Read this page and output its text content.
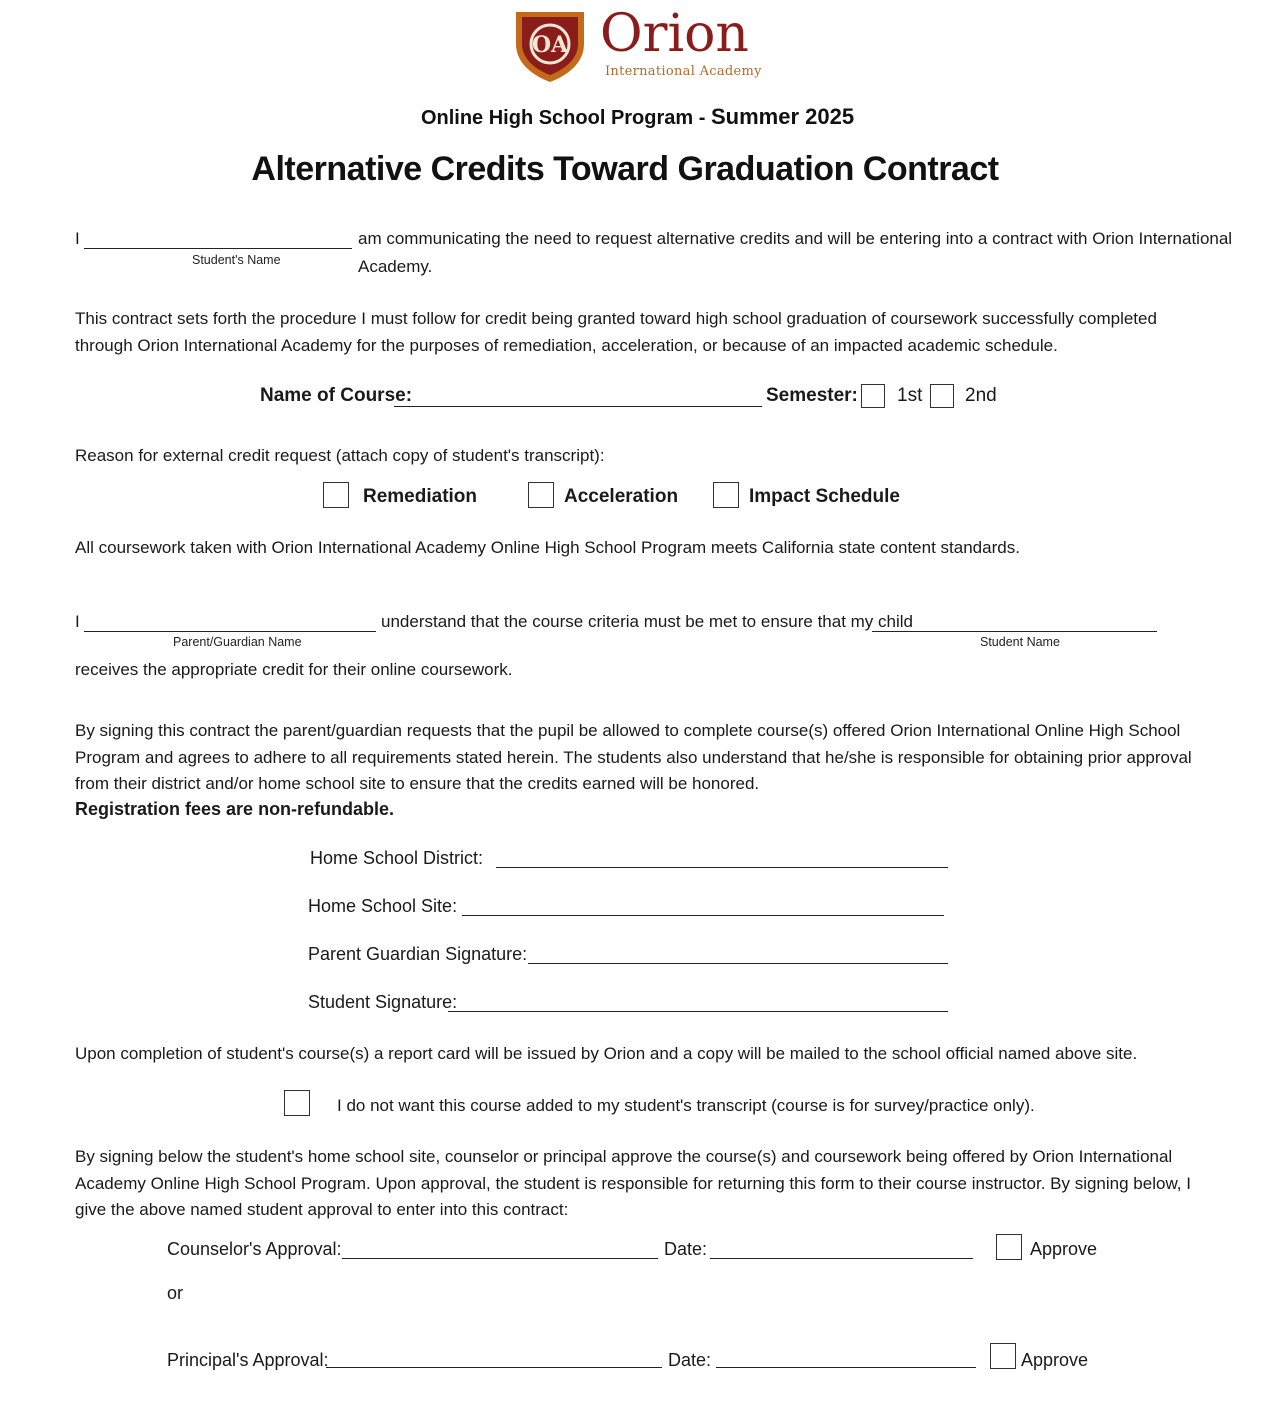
OA Orion
International Academy
Online High School Program - Summer 2025
Alternative Credits Toward Graduation Contract
I
Student's Name
am communicating the need to request alternative credits and will be entering into a contract with Orion International
Academy.
This contract sets forth the procedure I must follow for credit being granted toward high school graduation of coursework successfully completed through Orion International Academy for the purposes of remediation, acceleration, or because of an impacted academic schedule.
Name of Course:	Semester: 1st 2nd
Reason for external credit request (attach copy of student's transcript):
Remediation	Acceleration	Impact Schedule
All coursework taken with Orion International Academy Online High School Program meets California state content standards.
I
Parent/Guardian Name
understand that the course criteria must be met to ensure that my child
Student Name
receives the appropriate credit for their online coursework.
By signing this contract the parent/guardian requests that the pupil be allowed to complete course(s) offered Orion International Online High School Program and agrees to adhere to all requirements stated herein. The students also understand that he/she is responsible for obtaining prior approval from their district and/or home school site to ensure that the credits earned will be honored.
Registration fees are non-refundable.
Home School District:
Home School Site:
Parent Guardian Signature:
Student Signature:
Upon completion of student's course(s) a report card will be issued by Orion and a copy will be mailed to the school official named above site.
I do not want this course added to my student's transcript (course is for survey/practice only).
By signing below the student's home school site, counselor or principal approve the course(s) and coursework being offered by Orion International Academy Online High School Program. Upon approval, the student is responsible for returning this form to their course instructor. By signing below, I give the above named student approval to enter into this contract:
Counselor's Approval:	Date:	Approve
or
Principal's Approval:	Date:	Approve
